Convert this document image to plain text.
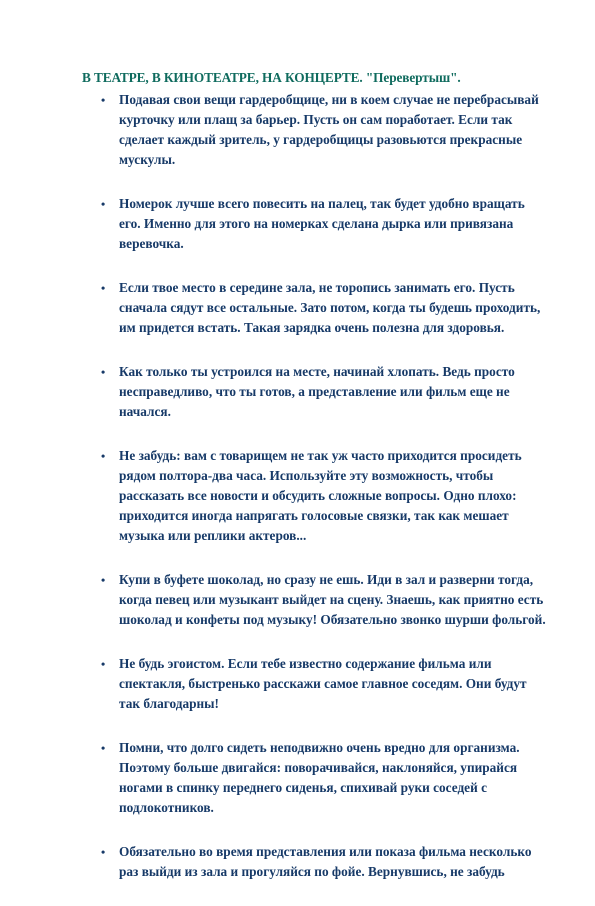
В ТЕАТРЕ, В КИНОТЕАТРЕ, НА КОНЦЕРТЕ. "Перевертыш".
• Подавая свои вещи гардеробщице, ни в коем случае не перебрасывай курточку или плащ за барьер. Пусть он сам поработает. Если так сделает каждый зритель, у гардеробщицы разовьются прекрасные мускулы.
• Номерок лучше всего повесить на палец, так будет удобно вращать его. Именно для этого на номерках сделана дырка или привязана веревочка.
• Если твое место в середине зала, не торопись занимать его. Пусть сначала сядут все остальные. Зато потом, когда ты будешь проходить, им придется встать. Такая зарядка очень полезна для здоровья.
• Как только ты устроился на месте, начинай хлопать. Ведь просто несправедливо, что ты готов, а представление или фильм еще не начался.
• Не забудь: вам с товарищем не так уж часто приходится просидеть рядом полтора-два часа. Используйте эту возможность, чтобы рассказать все новости и обсудить сложные вопросы. Одно плохо: приходится иногда напрягать голосовые связки, так как мешает музыка или реплики актеров...
• Купи в буфете шоколад, но сразу не ешь. Иди в зал и разверни тогда, когда певец или музыкант выйдет на сцену. Знаешь, как приятно есть шоколад и конфеты под музыку! Обязательно звонко шурши фольгой.
• Не будь эгоистом. Если тебе известно содержание фильма или спектакля, быстренько расскажи самое главное соседям. Они будут так благодарны!
• Помни, что долго сидеть неподвижно очень вредно для организма. Поэтому больше двигайся: поворачивайся, наклоняйся, упирайся ногами в спинку переднего сиденья, спихивай руки соседей с подлокотников.
• Обязательно во время представления или показа фильма несколько раз выйди из зала и прогуляйся по фойе. Вернувшись, не забудь
